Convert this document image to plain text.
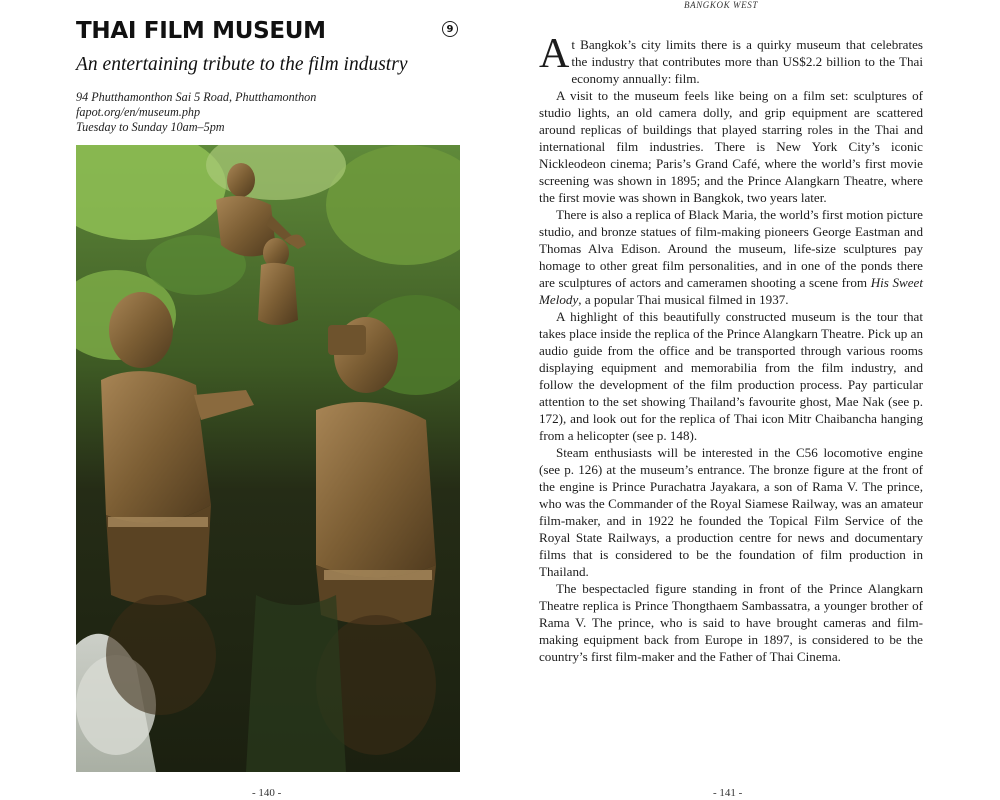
BANGKOK WEST
THAI FILM MUSEUM	9
An entertaining tribute to the film industry
94 Phutthamonthon Sai 5 Road, Phutthamonthon
fapot.org/en/museum.php
Tuesday to Sunday 10am–5pm

At Bangkok’s city limits there is a quirky museum that celebrates the industry that contributes more than US$2.2 billion to the Thai economy annually: film.

A visit to the museum feels like being on a film set: sculptures of studio lights, an old camera dolly, and grip equipment are scattered around replicas of buildings that played starring roles in the Thai and international film industries. There is New York City’s iconic Nickleodeon cinema; Paris’s Grand Café, where the world’s first movie screening was shown in 1895; and the Prince Alangkarn Theatre, where the first movie was shown in Bangkok, two years later.

There is also a replica of Black Maria, the world’s first motion picture studio, and bronze statues of film-making pioneers George Eastman and Thomas Alva Edison. Around the museum, life-size sculptures pay homage to other great film personalities, and in one of the ponds there are sculptures of actors and cameramen shooting a scene from His Sweet Melody, a popular Thai musical filmed in 1937.

A highlight of this beautifully constructed museum is the tour that takes place inside the replica of the Prince Alangkarn Theatre. Pick up an audio guide from the office and be transported through various rooms displaying equipment and memorabilia from the film industry, and follow the development of the film production process. Pay particular attention to the set showing Thailand’s favourite ghost, Mae Nak (see p. 172), and look out for the replica of Thai icon Mitr Chaibancha hanging from a helicopter (see p. 148).

Steam enthusiasts will be interested in the C56 locomotive engine (see p. 126) at the museum’s entrance. The bronze figure at the front of the engine is Prince Purachatra Jayakara, a son of Rama V. The prince, who was the Commander of the Royal Siamese Railway, was an amateur film-maker, and in 1922 he founded the Topical Film Service of the Royal State Railways, a production centre for news and documentary films that is considered to be the foundation of film production in Thailand.

The bespectacled figure standing in front of the Prince Alangkarn Theatre replica is Prince Thongthaem Sambassatra, a younger brother of Rama V. The prince, who is said to have brought cameras and film-making equipment back from Europe in 1897, is considered to be the country’s first film-maker and the Father of Thai Cinema.

- 140 -	- 141 -
